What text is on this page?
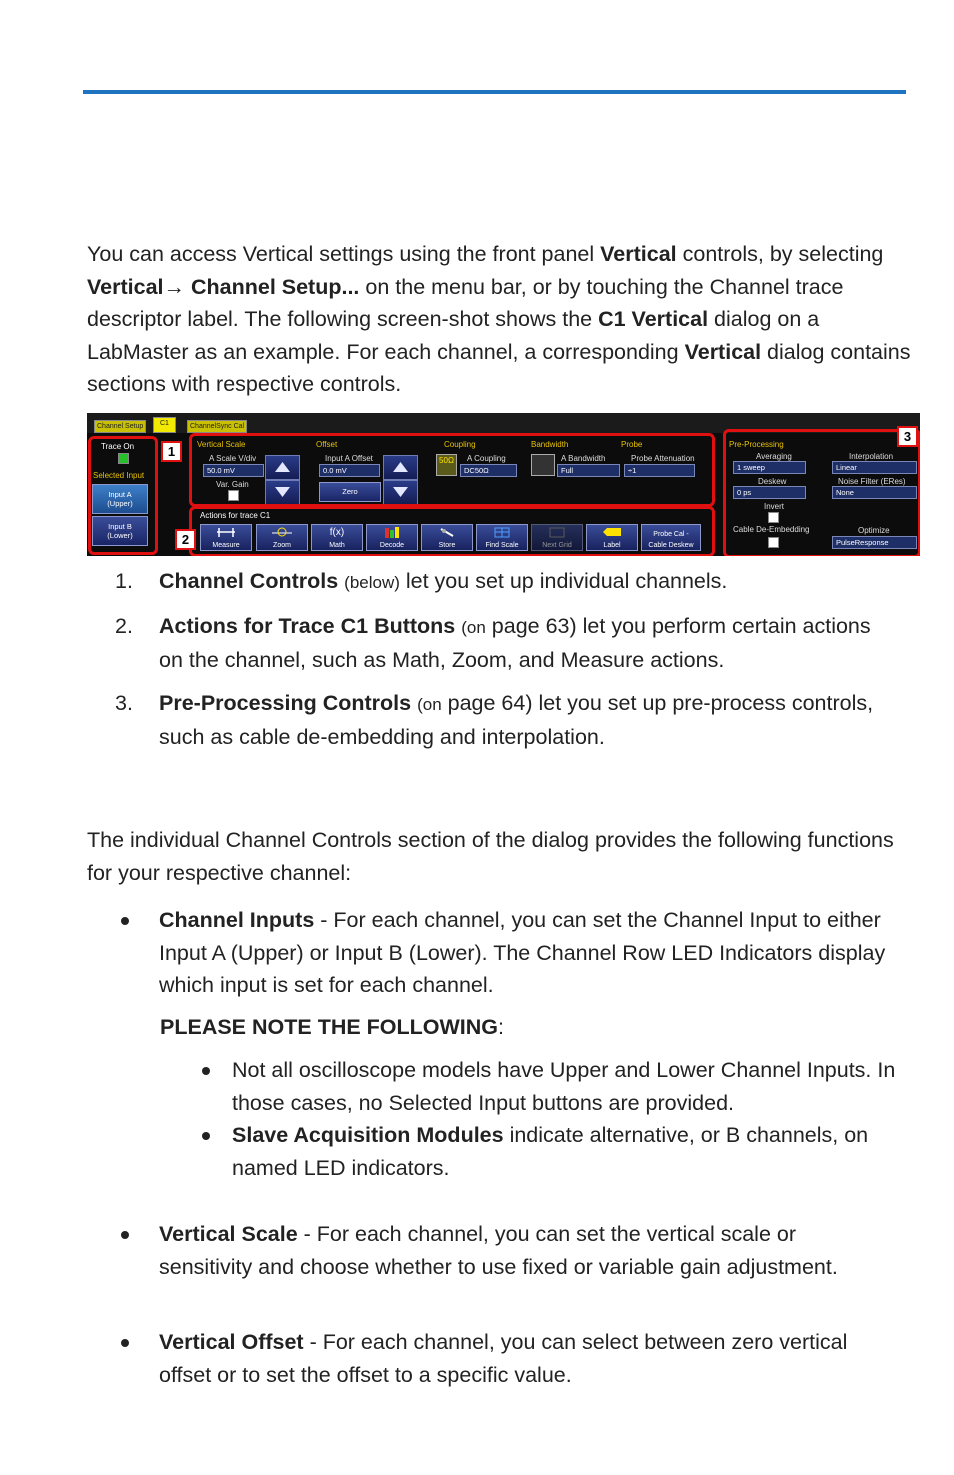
You can access Vertical settings using the front panel Vertical controls, by selecting Vertical→ Channel Setup... on the menu bar, or by touching the Channel trace descriptor label. The following screen-shot shows the C1 Vertical dialog on a LabMaster as an example. For each channel, a corresponding Vertical dialog contains sections with respective controls.

Channel Setup	C1	ChannelSync Cal
Trace On
Selected Input
Input A
(Upper)
Input B
(Lower)
Vertical Scale
A Scale V/div
50.0 mV
Var. Gain
Offset
Input A Offset
0.0 mV
Zero
Coupling
50Ω	A Coupling
DC50Ω
Bandwidth
A Bandwidth
Full
Probe
Probe Attenuation
÷1
Actions for trace C1
Measure	Zoom
f(x)
Math	Decode	Store	Find Scale	Next Grid	Label
Probe Cal -
Cable Deskew
Pre-Processing
Averaging
1 sweep
Deskew
0 ps
Invert
Cable De-Embedding
Interpolation
Linear
Noise Filter (ERes)
None
Optimize
PulseResponse
1
2
3
1. Channel Controls (below) let you set up individual channels.
2. Actions for Trace C1 Buttons (on page 63) let you perform certain actions on the channel, such as Math, Zoom, and Measure actions.
3. Pre-Processing Controls (on page 64) let you set up pre-process controls, such as cable de-embedding and interpolation.

The individual Channel Controls section of the dialog provides the following functions for your respective channel:

Channel Inputs - For each channel, you can set the Channel Input to either Input A (Upper) or Input B (Lower). The Channel Row LED Indicators display which input is set for each channel.
PLEASE NOTE THE FOLLOWING:
Not all oscilloscope models have Upper and Lower Channel Inputs. In those cases, no Selected Input buttons are provided.
Slave Acquisition Modules indicate alternative, or B channels, on named LED indicators.
Vertical Scale - For each channel, you can set the vertical scale or sensitivity and choose whether to use fixed or variable gain adjustment.
Vertical Offset - For each channel, you can select between zero vertical offset or to set the offset to a specific value.
